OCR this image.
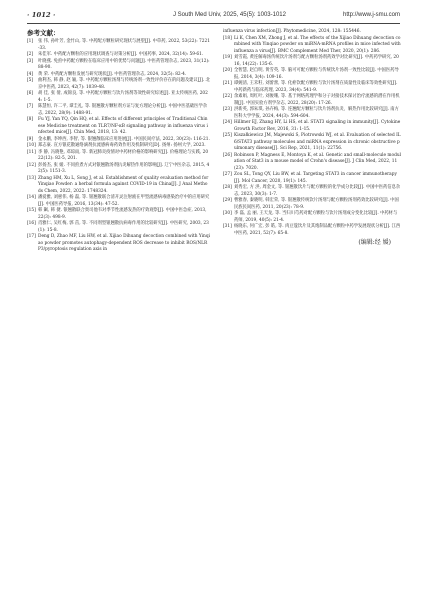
· 1012 ·	J South Med Univ, 2025, 45(5): 1003-1012	http://www.j-smu.com
参考文献：

[1] 张 伟, 孙叶芳, 金竹山, 等. 中药配方颗粒研究现状与展望[J]. 中草药, 2022, 53(22): 7221-33.

[2] 朱佳军. 中药配方颗粒的应用现状调查与对策分析[J]. 中国药事, 2024, 32(14): 59-61.

[3] 叶晓燕. 免煎中药配方颗粒在临床应用中的优势与问题[J]. 中医药管理杂志, 2023, 31(12): 88-90.

[4] 黄 荣. 中药配方颗粒发展与研究现状[J]. 中医药管理杂志, 2024, 32(5): 82-4.

[5] 曲利杰, 韩 静, 赵 颖, 等. 中药配方颗粒汤剂与传统汤剂一致性评价存在的问题及建议[J]. 北京中医药, 2023, 42(7): 1039-48.

[6] 胡 佳, 张 倩, 成锦良, 等. 中药配方颗粒与饮片汤剂等效性研究综述[J]. 亚太传统医药, 2024: 1-5.

[7] 陈慧恒, 许二平, 谭圭礼, 等. 银翘散方颗粒剂方证与复方理论分析[J]. 中国中医基础医学杂志, 2022, 28(9): 1488-91.

[8] Fu YJ, Yan YQ, Qin HQ, et al. Effects of different principles of Traditional Chinese Medicine treatment on TLR7/NF-κB signaling pathway in influenza virus infected mice[J]. Chin Med, 2018, 13: 42.

[9] 金永鹏, 李坤西, 李智, 等. 银翘散临床应用进展[J]. 中国民间疗法, 2022, 30(23): 116-21.

[10] 郑志豪. 宣方银花散通络滴剂抗流感病毒药效作用及机制研究[D]. 扬州: 扬州大学, 2023.

[11] 李 静, 冯晓艳, 邓琼雨, 等. 新冠肺炎疫情对中药材价格的影响研究[J]. 价格理论与实践, 2022(12): 82-5, 201.

[12] 彭扬杰, 张 媛. 不同煎煮方式对银翘散汤剂抗炎解热作用的影响[J]. 辽宁中医杂志, 2015, 42(5): 1151-3.

[13] Zhang HM, Xu L, Song J, et al. Establishment of quality evaluation method for Yinqiao Powder: a herbal formula against COVID-19 in China[J]. J Anal Methods Chem, 2022, 2022: 1748324.

[14] 潘爱雅, 刘惠伟, 杨 磊, 等. 银翘散联合清开灵注射液在甲型流感病毒感染治疗中的应用研究[J]. 中国医药导报, 2016, 13(34): 47-52.

[15] 韩 飙, 韩 捷. 银翘散联合奥司他韦对季节性流感发热的疗效观察[J]. 中国中医急症, 2013, 22(3): 498-9.

[16] 肖雅仁, 吴红梅, 郭 茁, 等. 不同剂型银翘散抗病毒作用的比较研究[J]. 中医研究, 2003, 23(1): 15-8.

[17] Deng D, Zhao MF, Liu HW, et al. Xijiao Dihuang decoction combined with Yinqiao powder promotes autophagy-dependent ROS decrease to inhibit ROS/NLRP3/pyroptosis regulation axis in

influenza virus infection[J]. Phytomedicine, 2024, 128: 155446.

[18] Li K, Chen XM, Zhong J, et al. The effects of the Xijiao Dihuang decoction combined with Yinqiao powder on miRNA-mRNA profiles in mice infected with influenza a virus[J]. BMC Complement Med Ther, 2020, 20(1): 286.

[19] 刘雪霞, 黄连解毒汤传统饮片汤剂与配方颗粒汤剂药效学对比研究[J]. 中药药学研究, 2016, 14(22): 135-6.

[20] 全智慧, 赵自明, 黄雪英, 等. 脑可可配方颗粒与传统饮片汤剂一致性比较[J]. 中国医药导报, 2014, 3(4): 109-16.

[21] 谭婉清, 王禾籽, 刘蕾蕾, 等. 化瘀饮配方颗粒与饮片汤剂在质量性及临床等效性研究[J]. 中药新药与临床药理, 2023, 34(4): 541-9.

[22] 余素娟, 周红叶, 刘俊珊, 等. 基于网络药理学和分子对接技术探讨治疗流感的潜在作用机制[J]. 中国实验方剂学杂志, 2022, 28(20): 17-26.

[23] 洪新英, 郭朱琪, 孙卉梅, 等. 连翘配方颗粒与饮片汤剂抗炎、解热作用比较研究[J]. 南方医科大学学报, 2024, 44(3): 594-604.

[24] Hillmer EJ, Zhang HY, Li HS, et al. STAT3 signaling in immunity[J]. Cytokine Growth Factor Rev, 2016, 31: 1-15.

[25] Kiszałkiewicz JM, Majewski S, Piotrowski WJ, et al. Evaluation of selected IL6/STAT3 pathway molecules and miRNA expression in chronic obstructive pulmonary disease[J]. Sci Rep, 2021, 11(1): 22756.

[26] Robinson P, Magness E, Montoya K, et al. Genetic and small-molecule modulation of Stat3 in a mouse model of Crohn's disease[J]. J Clin Med, 2022, 11(23): 7020.

[27] Zou SL, Tong QY, Liu BW, et al. Targeting STAT3 in cancer immunotherapy[J]. Mol Cancer, 2020, 19(1): 145.

[28] 刘秀宏, 方 洪, 周金文, 等. 银翘散饮片与配方颗粒的化学成分比较[J]. 中国中医药信息杂志, 2023, 30(3): 1-7.

[29] 曹雅春, 秦晓明, 韩宏荣, 等. 银翘散传统饮片汤剂与配方颗粒汤剂药效比较研究[J]. 中国民族民间医药, 2011, 20(23): 78-9.

[30] 李 磊, 孟 丽, 王天龙, 等. 当归川芎药对配方颗粒与饮片汤剂成分变化比较[J]. 中药材与药师, 2019, 40(5): 21-4.

[31] 杨晓东, 何广宏, 彭 皓, 等. 肉豆蔻饮片及其炮制品配方颗粒中药学发展现状分析[J]. 江西中医药, 2021, 52(7): 65-8.

(编辑:经 媛)
